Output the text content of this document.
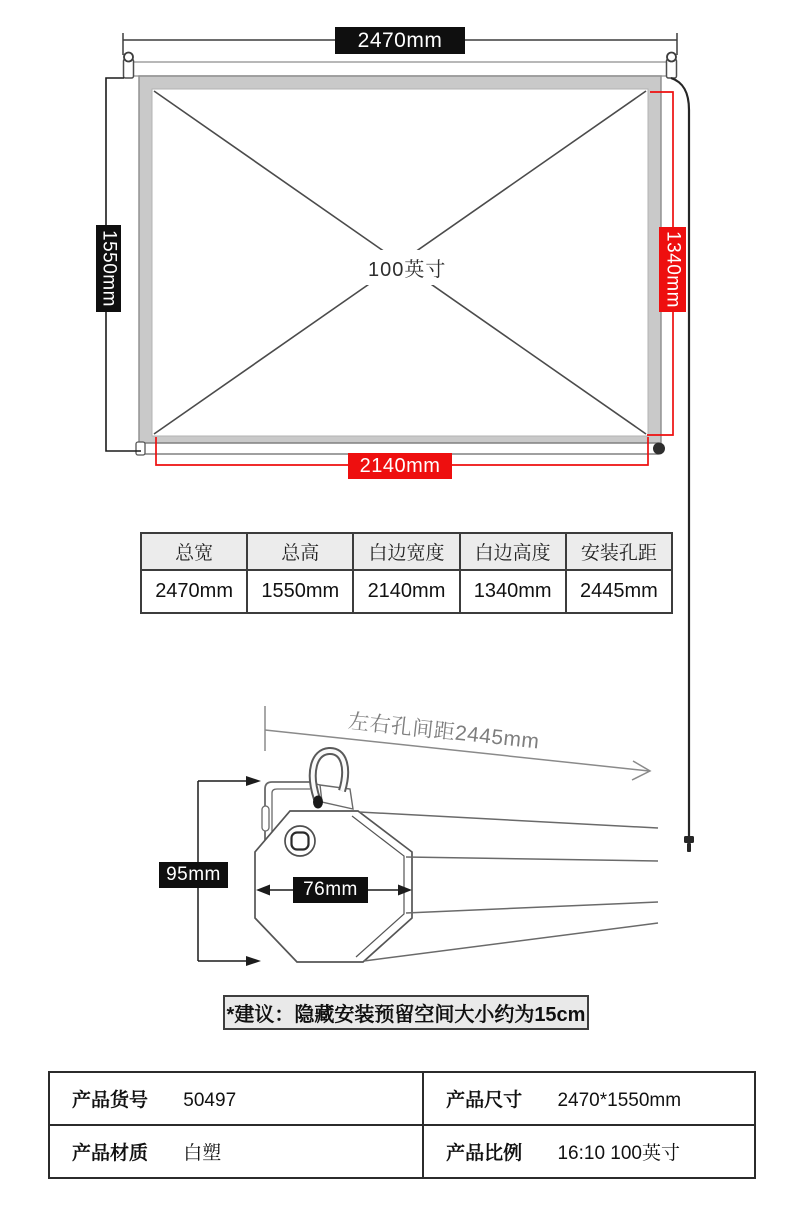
2470mm
1550mm	1340mm
2140mm
100英寸
总宽	总高	白边宽度	白边高度	安装孔距
2470mm	1550mm	2140mm	1340mm	2445mm
左右孔间距2445mm
95mm
76mm
*建议：隐藏安装预留空间大小约为15cm
产品货号 50497	产品尺寸 2470*1550mm
产品材质 白塑	产品比例 16:10 100英寸
